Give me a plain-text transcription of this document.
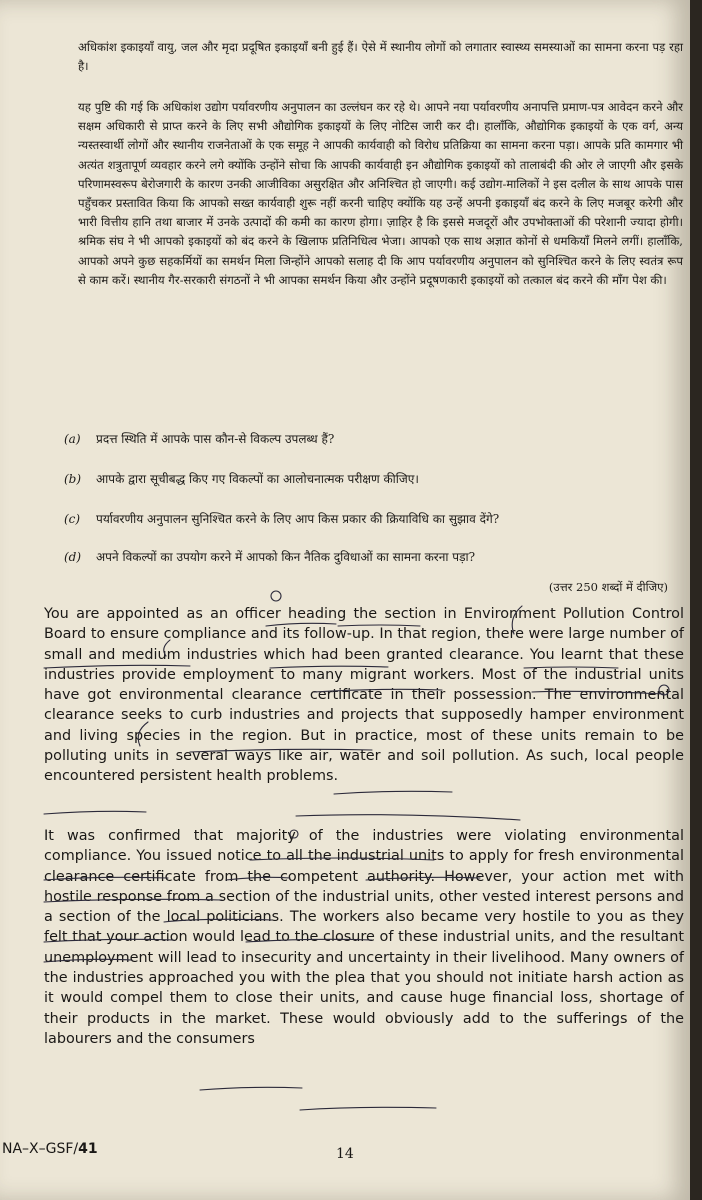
अधिकांश इकाइयाँ वायु, जल और मृदा प्रदूषित इकाइयाँ बनी हुई हैं। ऐसे में स्थानीय लोगों को लगातार स्वास्थ्य समस्याओं का सामना करना पड़ रहा है।
यह पुष्टि की गई कि अधिकांश उद्योग पर्यावरणीय अनुपालन का उल्लंघन कर रहे थे। आपने नया पर्यावरणीय अनापत्ति प्रमाण-पत्र आवेदन करने और सक्षम अधिकारी से प्राप्त करने के लिए सभी औद्योगिक इकाइयों के लिए नोटिस जारी कर दी। हालाँकि, औद्योगिक इकाइयों के एक वर्ग, अन्य न्यस्तस्वार्थी लोगों और स्थानीय राजनेताओं के एक समूह ने आपकी कार्यवाही को विरोध प्रतिक्रिया का सामना करना पड़ा। आपके प्रति कामगार भी अत्यंत शत्रुतापूर्ण व्यवहार करने लगे क्योंकि उन्होंने सोचा कि आपकी कार्यवाही इन औद्योगिक इकाइयों को तालाबंदी की ओर ले जाएगी और इसके परिणामस्वरूप बेरोजगारी के कारण उनकी आजीविका असुरक्षित और अनिश्चित हो जाएगी। कई उद्योग-मालिकों ने इस दलील के साथ आपके पास पहुँचकर प्रस्तावित किया कि आपको सख्त कार्यवाही शुरू नहीं करनी चाहिए क्योंकि यह उन्हें अपनी इकाइयाँ बंद करने के लिए मजबूर करेगी और भारी वित्तीय हानि तथा बाजार में उनके उत्पादों की कमी का कारण होगा। ज़ाहिर है कि इससे मजदूरों और उपभोक्ताओं की परेशानी ज्यादा होगी। श्रमिक संघ ने भी आपको इकाइयों को बंद करने के खिलाफ प्रतिनिधित्व भेजा। आपको एक साथ अज्ञात कोनों से धमकियाँ मिलने लगीं। हालाँकि, आपको अपने कुछ सहकर्मियों का समर्थन मिला जिन्होंने आपको सलाह दी कि आप पर्यावरणीय अनुपालन को सुनिश्चित करने के लिए स्वतंत्र रूप से काम करें। स्थानीय गैर-सरकारी संगठनों ने भी आपका समर्थन किया और उन्होंने प्रदूषणकारी इकाइयों को तत्काल बंद करने की माँग पेश की।
(a) प्रदत्त स्थिति में आपके पास कौन-से विकल्प उपलब्ध हैं?
(b) आपके द्वारा सूचीबद्ध किए गए विकल्पों का आलोचनात्मक परीक्षण कीजिए।
(c) पर्यावरणीय अनुपालन सुनिश्चित करने के लिए आप किस प्रकार की क्रियाविधि का सुझाव देंगे?
(d) अपने विकल्पों का उपयोग करने में आपको किन नैतिक दुविधाओं का सामना करना पड़ा?
(उत्तर 250 शब्दों में दीजिए)
You are appointed as an officer heading the section in Environment Pollution Control Board to ensure compliance and its follow-up. In that region, there were large number of small and medium industries which had been granted clearance. You learnt that these industries provide employment to many migrant workers. Most of the industrial units have got environmental clearance certificate in their possession. The environmental clearance seeks to curb industries and projects that supposedly hamper environment and living species in the region. But in practice, most of these units remain to be polluting units in several ways like air, water and soil pollution. As such, local people encountered persistent health problems.
It was confirmed that majority of the industries were violating environmental compliance. You issued notice to all the industrial units to apply for fresh environmental clearance certificate from the competent authority. However, your action met with hostile response from a section of the industrial units, other vested interest persons and a section of the local politicians. The workers also became very hostile to you as they felt that your action would lead to the closure of these industrial units, and the resultant unemployment will lead to insecurity and uncertainty in their livelihood. Many owners of the industries approached you with the plea that you should not initiate harsh action as it would compel them to close their units, and cause huge financial loss, shortage of their products in the market. These would obviously add to the sufferings of the labourers and the consumers
NA–X–GSF/41	14
